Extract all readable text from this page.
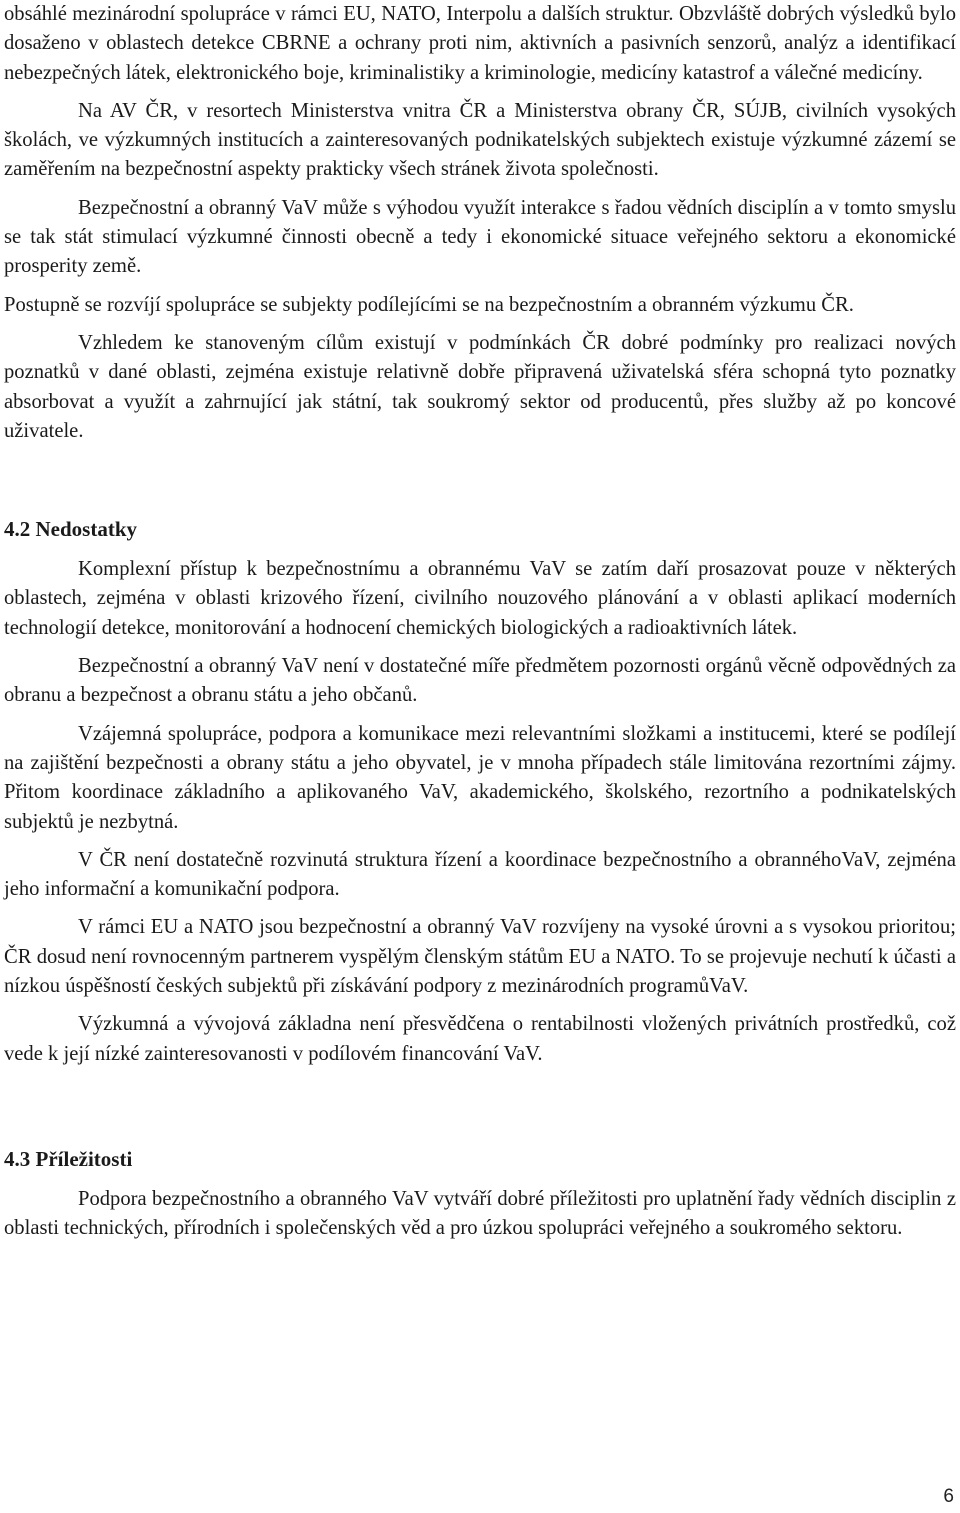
obsáhlé mezinárodní spolupráce v rámci EU, NATO, Interpolu a dalších struktur. Obzvláště dobrých výsledků bylo dosaženo v oblastech detekce CBRNE a ochrany proti nim, aktivních a pasivních senzorů, analýz a identifikací nebezpečných látek, elektronického boje, kriminalistiky a kriminologie, medicíny katastrof a válečné medicíny.

Na AV ČR, v resortech Ministerstva vnitra ČR a Ministerstva obrany ČR, SÚJB, civilních vysokých školách, ve výzkumných institucích a zainteresovaných podnikatelských subjektech existuje výzkumné zázemí se zaměřením na bezpečnostní aspekty prakticky všech stránek života společnosti.

Bezpečnostní a obranný VaV může s výhodou využít interakce s řadou vědních disciplín a v tomto smyslu se tak stát stimulací výzkumné činnosti obecně a tedy i ekonomické situace veřejného sektoru a ekonomické prosperity země.

Postupně se rozvíjí spolupráce se subjekty podílejícími se na bezpečnostním a obranném výzkumu ČR.

Vzhledem ke stanoveným cílům existují v podmínkách ČR dobré podmínky pro realizaci nových poznatků v dané oblasti, zejména existuje relativně dobře připravená uživatelská sféra schopná tyto poznatky absorbovat a využít a zahrnující jak státní, tak soukromý sektor od producentů, přes služby až po koncové uživatele.

4.2 Nedostatky

Komplexní přístup k bezpečnostnímu a obrannému VaV se zatím daří prosazovat pouze v některých oblastech, zejména v oblasti krizového řízení, civilního nouzového plánování a v oblasti aplikací moderních technologií detekce, monitorování a hodnocení chemických biologických a radioaktivních látek.

Bezpečnostní a obranný VaV není v dostatečné míře předmětem pozornosti orgánů věcně odpovědných za obranu a bezpečnost a obranu státu a jeho občanů.

Vzájemná spolupráce, podpora a komunikace mezi relevantními složkami a institucemi, které se podílejí na zajištění bezpečnosti a obrany státu a jeho obyvatel, je v mnoha případech stále limitována rezortními zájmy. Přitom koordinace základního a aplikovaného VaV, akademického, školského, rezortního a podnikatelských subjektů je nezbytná.

V ČR není dostatečně rozvinutá struktura řízení a koordinace bezpečnostního a obrannéhoVaV, zejména jeho informační a komunikační podpora.

V rámci EU a NATO jsou bezpečnostní a obranný VaV rozvíjeny na vysoké úrovni a s vysokou prioritou; ČR dosud není rovnocenným partnerem vyspělým členským státům EU a NATO. To se projevuje nechutí k účasti a nízkou úspěšností českých subjektů při získávání podpory z mezinárodních programůVaV.

Výzkumná a vývojová základna není přesvědčena o rentabilnosti vložených privátních prostředků, což vede k její nízké zainteresovanosti v podílovém financování VaV.

4.3 Příležitosti

Podpora bezpečnostního a obranného VaV vytváří dobré příležitosti pro uplatnění řady vědních disciplin z oblasti technických, přírodních i společenských věd a pro úzkou spolupráci veřejného a soukromého sektoru.

6
